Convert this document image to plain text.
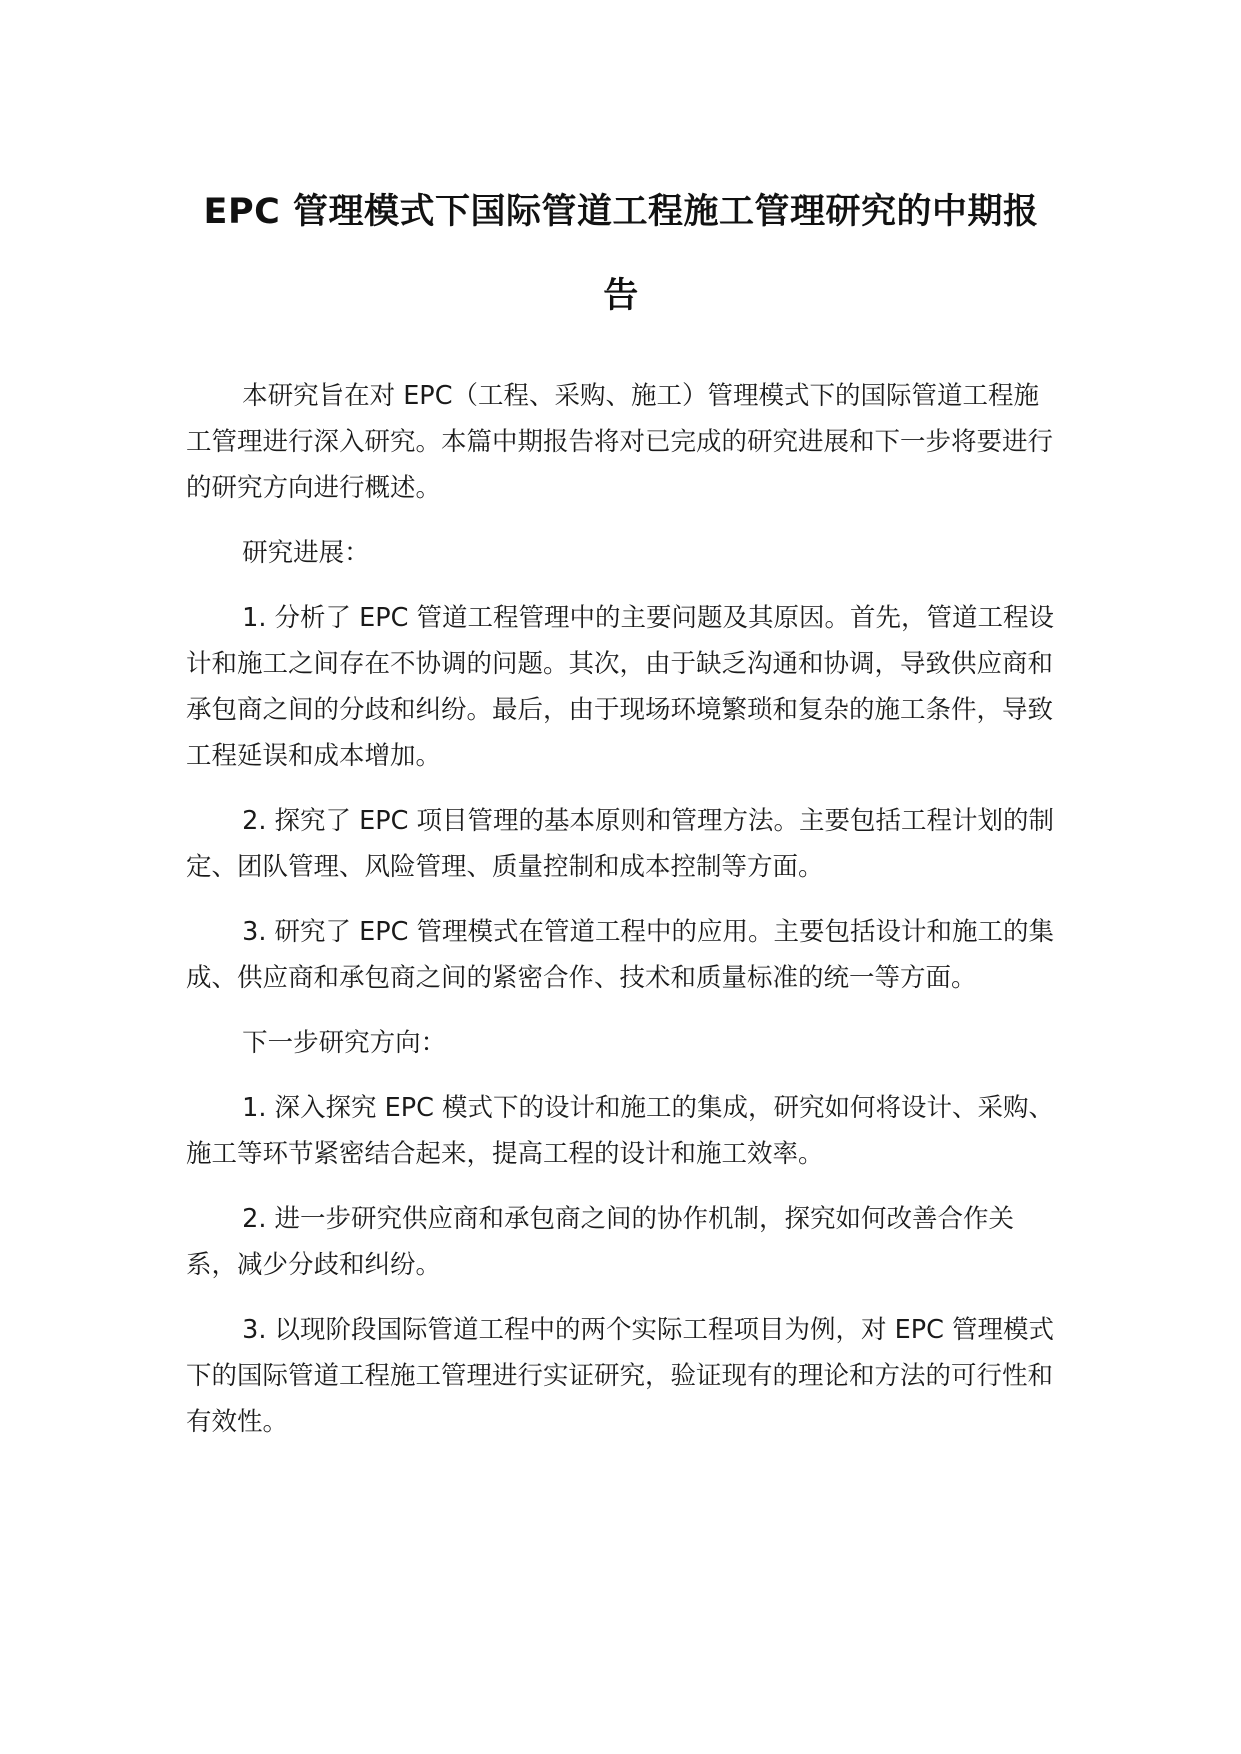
EPC 管理模式下国际管道工程施工管理研究的中期报告

本研究旨在对 EPC（工程、采购、施工）管理模式下的国际管道工程施工管理进行深入研究。本篇中期报告将对已完成的研究进展和下一步将要进行的研究方向进行概述。

研究进展：

1. 分析了 EPC 管道工程管理中的主要问题及其原因。首先，管道工程设计和施工之间存在不协调的问题。其次，由于缺乏沟通和协调，导致供应商和承包商之间的分歧和纠纷。最后，由于现场环境繁琐和复杂的施工条件，导致工程延误和成本增加。

2. 探究了 EPC 项目管理的基本原则和管理方法。主要包括工程计划的制定、团队管理、风险管理、质量控制和成本控制等方面。

3. 研究了 EPC 管理模式在管道工程中的应用。主要包括设计和施工的集成、供应商和承包商之间的紧密合作、技术和质量标准的统一等方面。

下一步研究方向：

1. 深入探究 EPC 模式下的设计和施工的集成，研究如何将设计、采购、施工等环节紧密结合起来，提高工程的设计和施工效率。

2. 进一步研究供应商和承包商之间的协作机制，探究如何改善合作关系，减少分歧和纠纷。

3. 以现阶段国际管道工程中的两个实际工程项目为例，对 EPC 管理模式下的国际管道工程施工管理进行实证研究，验证现有的理论和方法的可行性和有效性。
